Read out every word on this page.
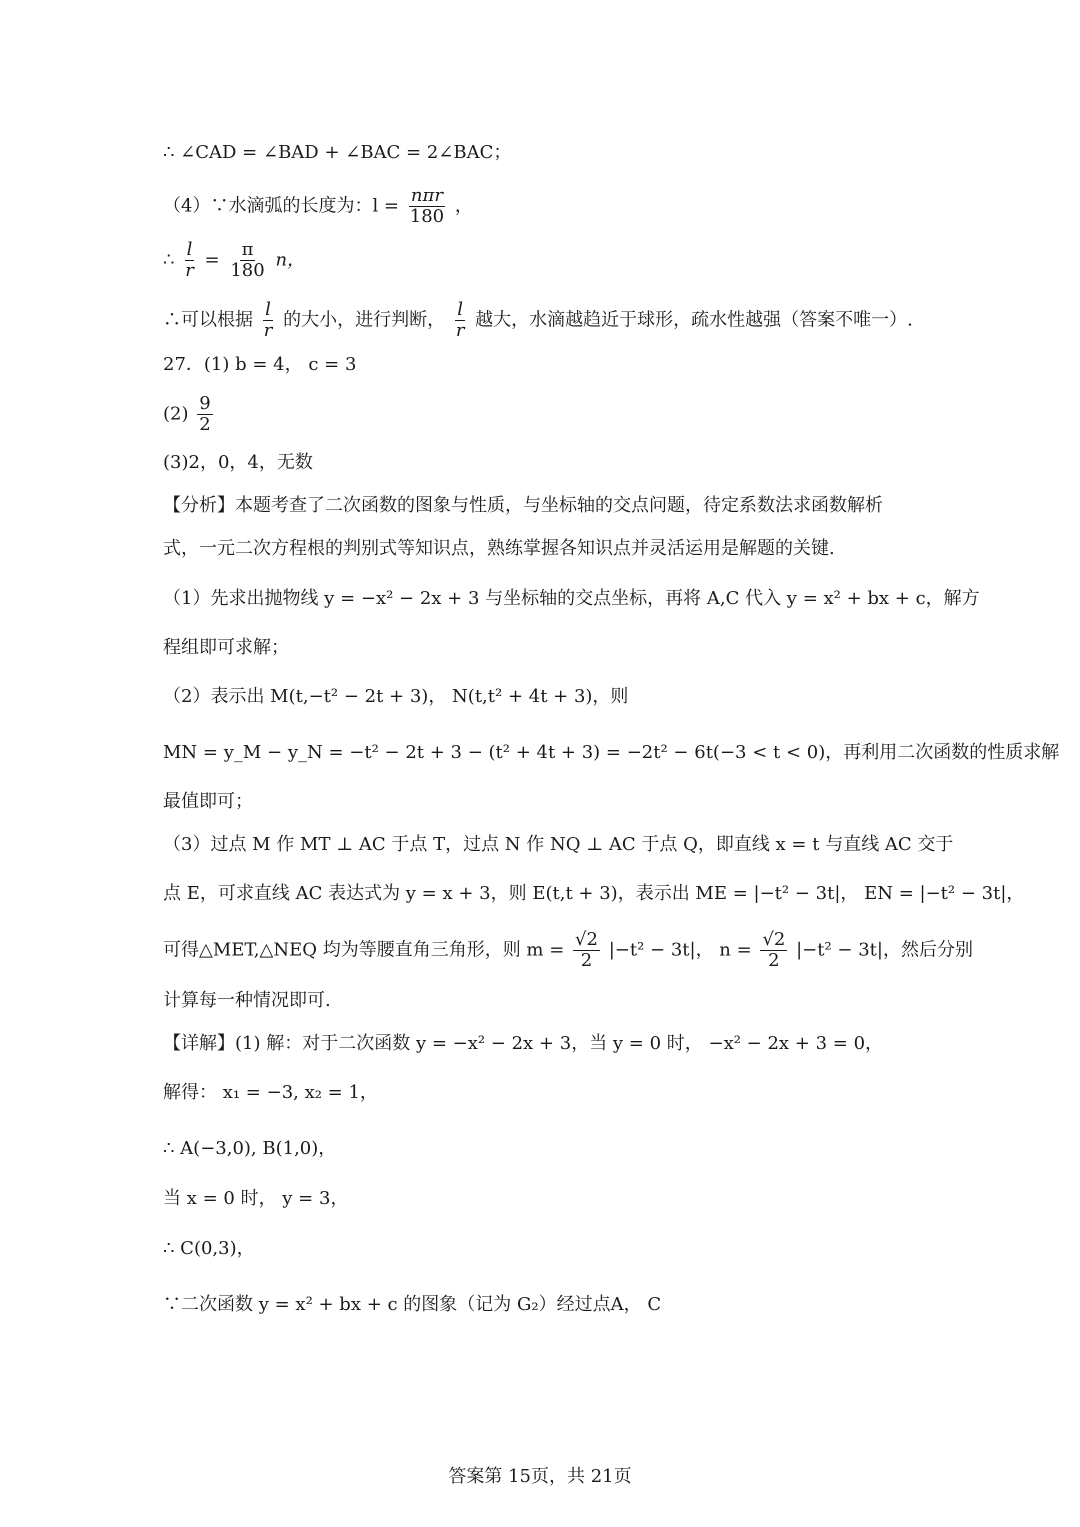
∴ ∠CAD = ∠BAD + ∠BAC = 2∠BAC；
（4）∵水滴弧的长度为：$l = \frac{\text{nπr}}{180}$ ，
∴ $\frac{l}{r} = \frac{\pi}{180}$ n，
∴可以根据 $\frac{l}{r}$ 的大小，进行判断， $\frac{l}{r}$ 越大，水滴越趋近于球形，疏水性越强（答案不唯一）.
27．(1) b = 4， c = 3
$(2) \frac{9}{2}$
(3)2，0，4，无数
【分析】本题考查了二次函数的图象与性质，与坐标轴的交点问题，待定系数法求函数解析
式，一元二次方程根的判别式等知识点，熟练掌握各知识点并灵活运用是解题的关键.
（1）先求出抛物线 y = −x² − 2x + 3 与坐标轴的交点坐标，再将 A,C 代入 y = x² + bx + c，解方
程组即可求解；
（2）表示出 M(t,−t² − 2t + 3)， N(t,t² + 4t + 3)，则
MN = y_M − y_N = −t² − 2t + 3 − (t² + 4t + 3) = −2t² − 6t(−3 < t < 0)，再利用二次函数的性质求解
最值即可；
（3）过点 M 作 MT ⊥ AC 于点 T，过点 N 作 NQ ⊥ AC 于点 Q，即直线 x = t 与直线 AC 交于
点 E，可求直线 AC 表达式为 y = x + 3，则 E(t,t + 3)，表示出 ME = |−t² − 3t|， EN = |−t² − 3t|，
可得△MET,△NEQ 均为等腰直角三角形，则 $m = \frac{√2}{2} |-t^2 - 3t|$， $n = \frac{√2}{2} |-t^2 - 3t|$，然后分别
计算每一种情况即可.
【详解】(1) 解：对于二次函数 y = −x² − 2x + 3，当 y = 0 时， −x² − 2x + 3 = 0，
解得： x₁ = −3, x₂ = 1，
∴ A(−3,0), B(1,0)，
当 x = 0 时， y = 3，
∴ C(0,3)，
∵二次函数 y = x² + bx + c 的图象（记为 G₂）经过点A， C
答案第 15页，共 21页
